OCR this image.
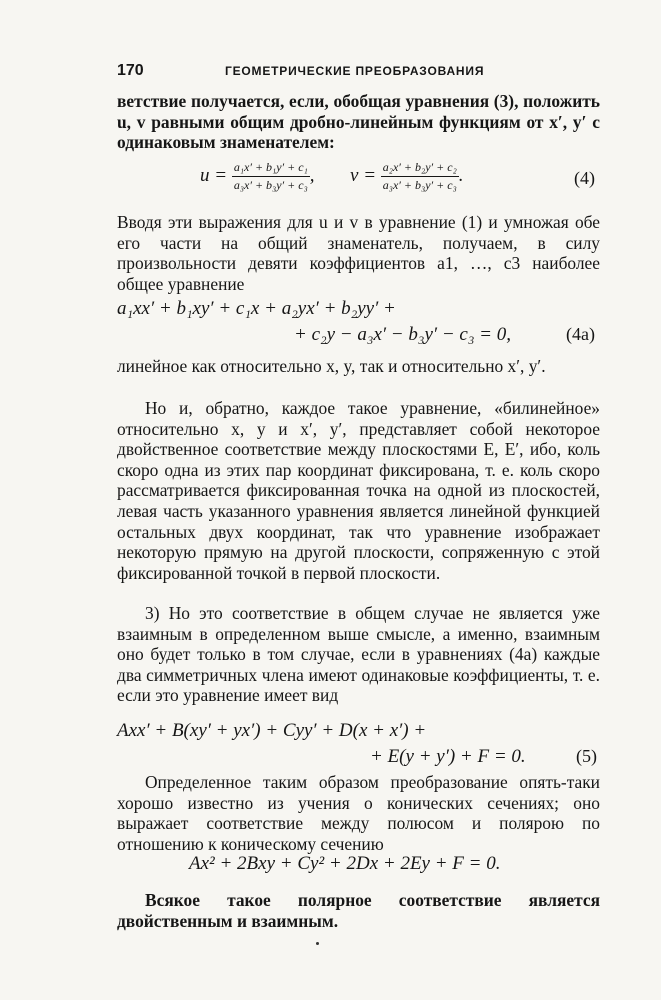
170	ГЕОМЕТРИЧЕСКИЕ ПРЕОБРАЗОВАНИЯ
ветствие получается, если, обобщая уравнения (3), положить u, v равными общим дробно-линейным функциям от x′, y′ с одинаковым знаменателем:
$u = \frac{\text{a₁x′ + b₁y′ + c₁}}{\text{a₃x′ + b₃y′ + c₃}}$ , $v = \frac{\text{a₂x′ + b₂y′ + c₂}}{\text{a₃x′ + b₃y′ + c₃}}$ .	(4)
Вводя эти выражения для u и v в уравнение (1) и умножая обе его части на общий знаменатель, получаем, в силу произвольности девяти коэффициентов a1, …, c3 наиболее общее уравнение
a₁xx′ + b₁xy′ + c₁x + a₂yx′ + b₂yy′ +
+ c₂y − a₃x′ − b₃y′ − c₃ = 0,	(4а)
линейное как относительно x, y, так и относительно x′, y′.
Но и, обратно, каждое такое уравнение, «билинейное» относительно x, y и x′, y′, представляет собой некоторое двойственное соответствие между плоскостями E, E′, ибо, коль скоро одна из этих пар координат фиксирована, т. е. коль скоро рассматривается фиксированная точка на одной из плоскостей, левая часть указанного уравнения является линейной функцией остальных двух координат, так что уравнение изображает некоторую прямую на другой плоскости, сопряженную с этой фиксированной точкой в первой плоскости.
3) Но это соответствие в общем случае не является уже взаимным в определенном выше смысле, а именно, взаимным оно будет только в том случае, если в уравнениях (4а) каждые два симметричных члена имеют одинаковые коэффициенты, т. е. если это уравнение имеет вид
Axx′ + B(xy′ + yx′) + Cyy′ + D(x + x′) +
+ E(y + y′) + F = 0.	(5)
Определенное таким образом преобразование опять-таки хорошо известно из учения о конических сечениях; оно выражает соответствие между полюсом и полярою по отношению к коническому сечению
Ax² + 2Bxy + Cy² + 2Dx + 2Ey + F = 0.
Всякое такое полярное соответствие является двойственным и взаимным.
